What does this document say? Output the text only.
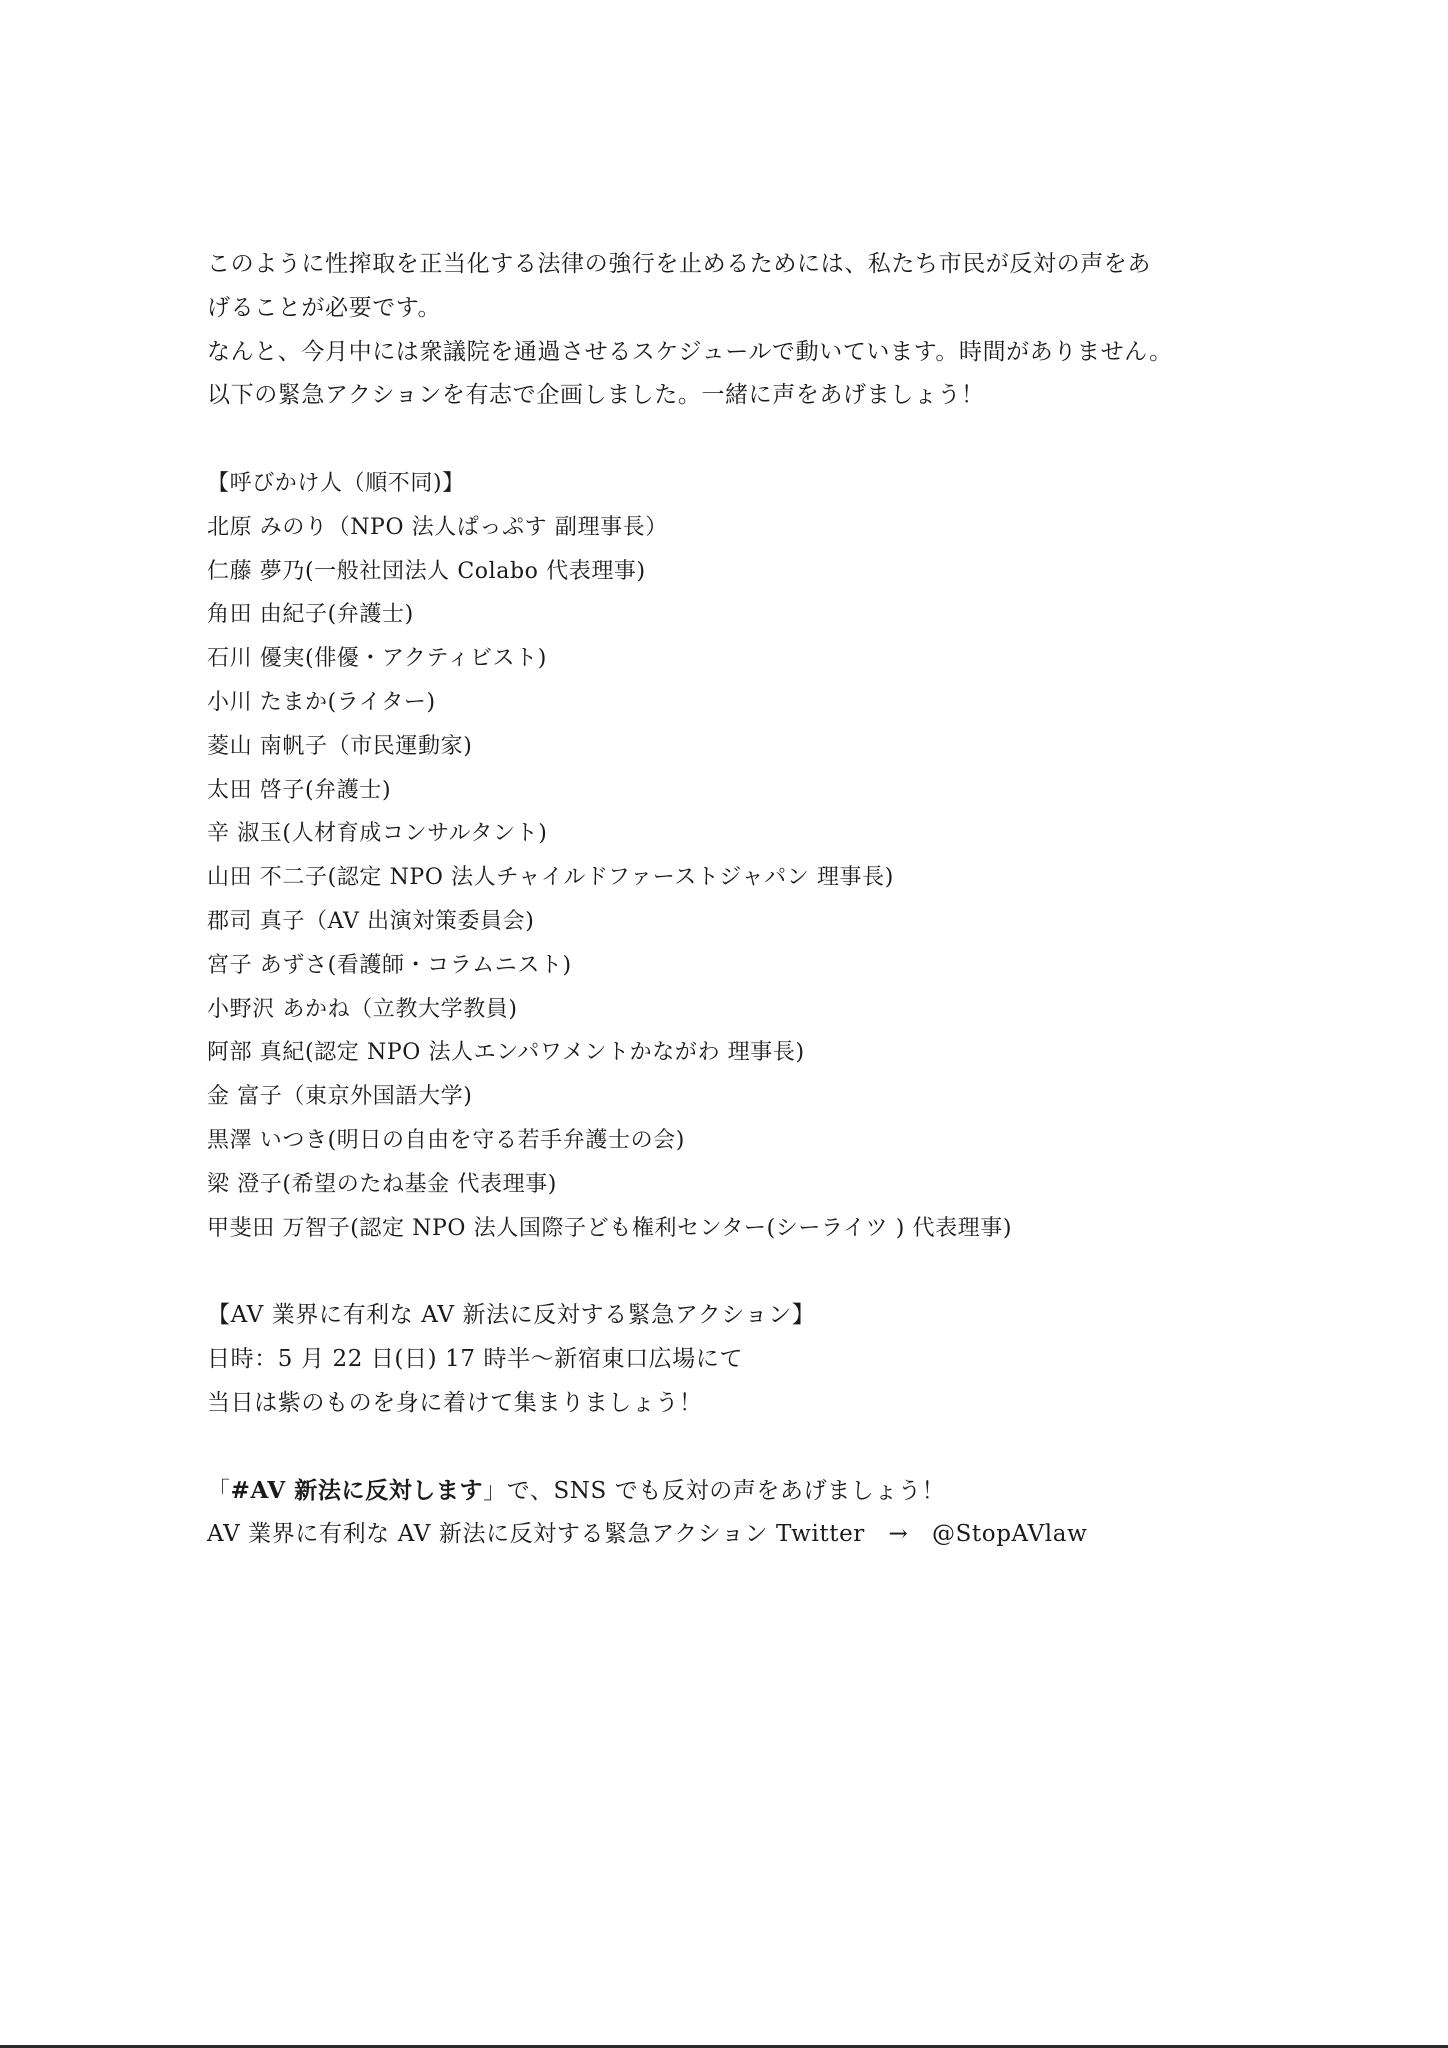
このように性搾取を正当化する法律の強行を止めるためには、私たち市民が反対の声をあ
げることが必要です。
なんと、今月中には衆議院を通過させるスケジュールで動いています。時間がありません。
以下の緊急アクションを有志で企画しました。一緒に声をあげましょう！
【呼びかけ人（順不同)】
北原 みのり（NPO 法人ぱっぷす 副理事長）
仁藤 夢乃(一般社団法人 Colabo 代表理事)
角田 由紀子(弁護士)
石川 優実(俳優・アクティビスト)
小川 たまか(ライター)
菱山 南帆子（市民運動家)
太田 啓子(弁護士)
辛 淑玉(人材育成コンサルタント)
山田 不二子(認定 NPO 法人チャイルドファーストジャパン 理事長)
郡司 真子（AV 出演対策委員会)
宮子 あずさ(看護師・コラムニスト)
小野沢 あかね（立教大学教員)
阿部 真紀(認定 NPO 法人エンパワメントかながわ 理事長)
金 富子（東京外国語大学)
黒澤 いつき(明日の自由を守る若手弁護士の会)
梁 澄子(希望のたね基金 代表理事)
甲斐田 万智子(認定 NPO 法人国際子ども権利センター(シーライツ ) 代表理事)
【AV 業界に有利な AV 新法に反対する緊急アクション】
日時：5 月 22 日(日) 17 時半～新宿東口広場にて
当日は紫のものを身に着けて集まりましょう！
「#AV 新法に反対します」で、SNS でも反対の声をあげましょう！
AV 業界に有利な AV 新法に反対する緊急アクション Twitter　→　@StopAVlaw
